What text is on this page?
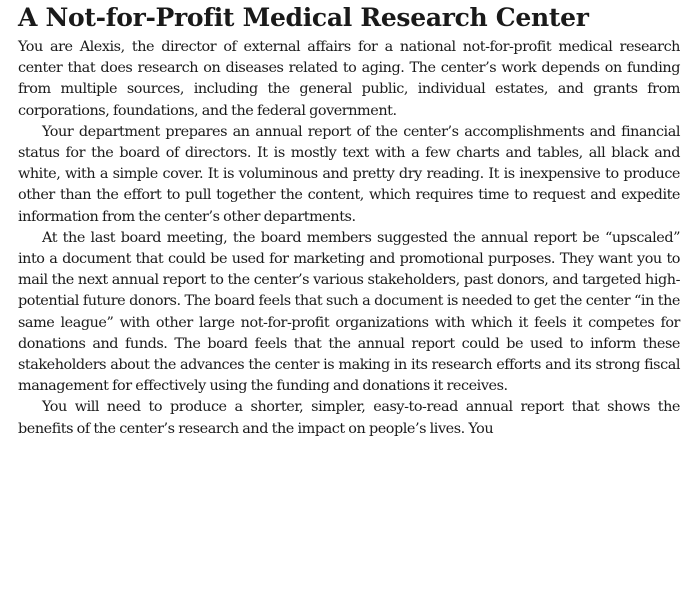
A Not-for-Profit Medical Research Center

You are Alexis, the director of external affairs for a national not-for-profit medical research center that does research on diseases related to aging. The center’s work depends on funding from multiple sources, including the general public, individual estates, and grants from corporations, foundations, and the federal government.

Your department prepares an annual report of the center’s accomplishments and financial status for the board of directors. It is mostly text with a few charts and tables, all black and white, with a simple cover. It is voluminous and pretty dry reading. It is inexpensive to produce other than the effort to pull together the content, which requires time to request and expedite information from the center’s other departments.

At the last board meeting, the board members suggested the annual report be “upscaled” into a document that could be used for marketing and promotional purposes. They want you to mail the next annual report to the center’s various stakeholders, past donors, and targeted high-potential future donors. The board feels that such a document is needed to get the center “in the same league” with other large not-for-profit organizations with which it feels it competes for donations and funds. The board feels that the annual report could be used to inform these stakeholders about the advances the center is making in its research efforts and its strong fiscal management for effectively using the funding and donations it receives.

You will need to produce a shorter, simpler, easy-to-read annual report that shows the benefits of the center’s research and the impact on people’s lives. You
